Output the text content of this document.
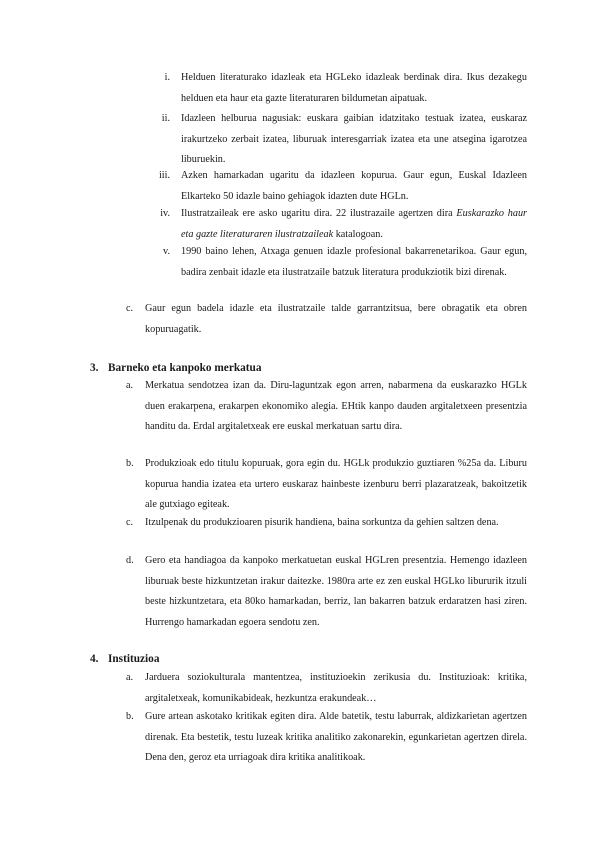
i. Helduen literaturako idazleak eta HGLeko idazleak berdinak dira. Ikus dezakegu helduen eta haur eta gazte literaturaren bildumetan aipatuak.
ii. Idazleen helburua nagusiak: euskara gaibian idatzitako testuak izatea, euskaraz irakurtzeko zerbait izatea, liburuak interesgarriak izatea eta une atsegina igarotzea liburuekin.
iii. Azken hamarkadan ugaritu da idazleen kopurua. Gaur egun, Euskal Idazleen Elkarteko 50 idazle baino gehiagok idazten dute HGLn.
iv. Ilustratzaileak ere asko ugaritu dira. 22 ilustrazaile agertzen dira Euskarazko haur eta gazte literaturaren ilustratzaileak katalogoan.
v. 1990 baino lehen, Atxaga genuen idazle profesional bakarrenetarikoa. Gaur egun, badira zenbait idazle eta ilustratzaile batzuk literatura produkziotik bizi direnak.
c. Gaur egun badela idazle eta ilustratzaile talde garrantzitsua, bere obragatik eta obren kopuruagatik.
3. Barneko eta kanpoko merkatua
a. Merkatua sendotzea izan da. Diru-laguntzak egon arren, nabarmena da euskarazko HGLk duen erakarpena, erakarpen ekonomiko alegia. EHtik kanpo dauden argitaletxeen presentzia handitu da. Erdal argitaletxeak ere euskal merkatuan sartu dira.
b. Produkzioak edo titulu kopuruak, gora egin du. HGLk produkzio guztiaren %25a da. Liburu kopurua handia izatea eta urtero euskaraz hainbeste izenburu berri plazaratzeak, bakoitzetik ale gutxiago egiteak.
c. Itzulpenak du produkzioaren pisurik handiena, baina sorkuntza da gehien saltzen dena.
d. Gero eta handiagoa da kanpoko merkatuetan euskal HGLren presentzia. Hemengo idazleen liburuak beste hizkuntzetan irakur daitezke. 1980ra arte ez zen euskal HGLko libururik itzuli beste hizkuntzetara, eta 80ko hamarkadan, berriz, lan bakarren batzuk erdaratzen hasi ziren. Hurrengo hamarkadan egoera sendotu zen.
4. Instituzioa
a. Jarduera soziokulturala mantentzea, instituzioekin zerikusia du. Instituzioak: kritika, argitaletxeak, komunikabideak, hezkuntza erakundeak…
b. Gure artean askotako kritikak egiten dira. Alde batetik, testu laburrak, aldizkarietan agertzen direnak. Eta bestetik, testu luzeak kritika analitiko zakonarekin, egunkarietan agertzen direla. Dena den, geroz eta urriagoak dira kritika analitikoak.
